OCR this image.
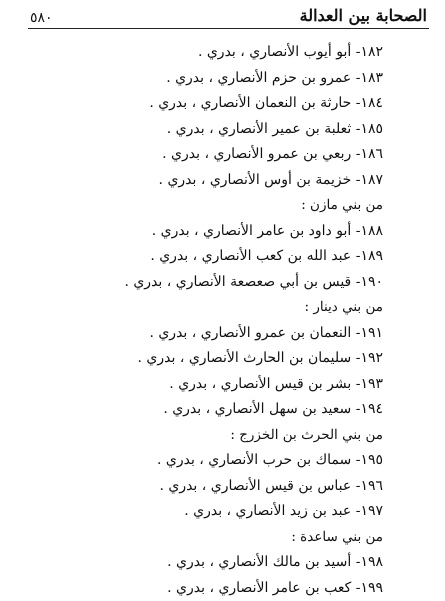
٥٨٠	الصحابة بين العدالة
١٨٢- أبو أيوب الأنصاري ، بدري .
١٨٣- عمرو بن حزم الأنصاري ، بدري .
١٨٤- حارثة بن النعمان الأنصاري ، بدري .
١٨٥- ثعلبة بن عمير الأنصاري ، بدري .
١٨٦- ربعي بن عمرو الأنصاري ، بدري .
١٨٧- خزيمة بن أوس الأنصاري ، بدري .
من بني مازن :
١٨٨- أبو داود بن عامر الأنصاري ، بدري .
١٨٩- عبد الله بن كعب الأنصاري ، بدري .
١٩٠- قيس بن أبي صعصعة الأنصاري ، بدري .
من بني دينار :
١٩١- النعمان بن عمرو الأنصاري ، بدري .
١٩٢- سليمان بن الحارث الأنصاري ، بدري .
١٩٣- بشر بن قيس الأنصاري ، بدري .
١٩٤- سعيد بن سهل الأنصاري ، بدري .
من بني الحرث بن الخزرج :
١٩٥- سماك بن حرب الأنصاري ، بدري .
١٩٦- عباس بن قيس الأنصاري ، بدري .
١٩٧- عبد بن زيد الأنصاري ، بدري .
من بني ساعدة :
١٩٨- أسيد بن مالك الأنصاري ، بدري .
١٩٩- كعب بن عامر الأنصاري ، بدري .
